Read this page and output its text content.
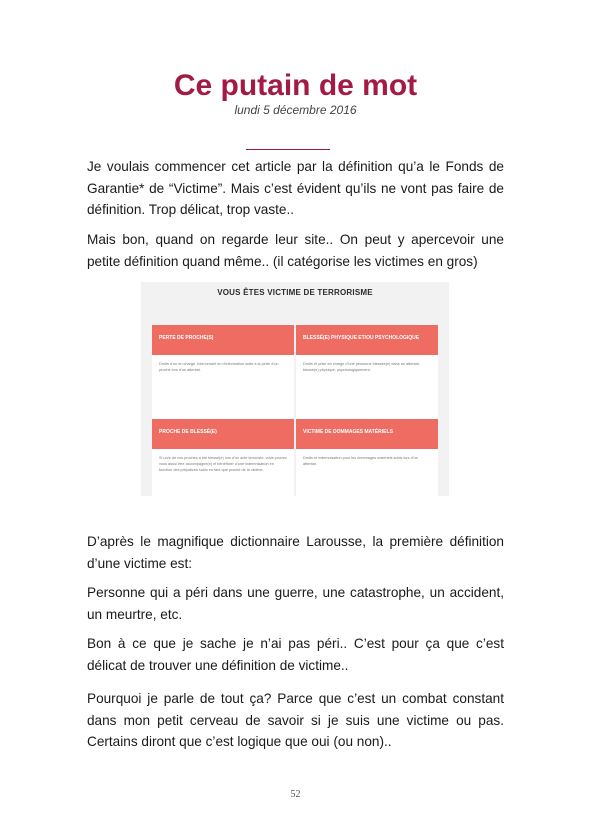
Ce putain de mot
lundi 5 décembre 2016

Je voulais commencer cet article par la définition qu’a le Fonds de Garantie* de “Victime”. Mais c’est évident qu’ils ne vont pas faire de définition. Trop délicat, trop vaste..

Mais bon, quand on regarde leur site.. On peut y apercevoir une petite définition quand même.. (il catégorise les victimes en gros)

VOUS ÊTES VICTIME DE TERRORISME
PERTE DE PROCHE(S)
Droits d’un en charge, Intervenant en d’information suite à la perte d’un proche lors d’un attentat.
BLESSÉ(E) PHYSIQUE ET/OU PSYCHOLOGIQUE
Droits et prise en charge d’une personne blessée(e) dans un attentat, blessé(e) physique, psychologiquement.
PROCHE DE BLESSÉ(E)
Si un/e de vos proches a été blessé(e) lors d’un acte terroriste, vous pouvez vous aussi être accompagné(e) et bénéficier d’une indemnisation en fonction des préjudices subis en tant que proche de la victime.
VICTIME DE DOMMAGES MATÉRIELS
Droits et indemnisation pour les dommages matériels subis lors d’un attentat.

D’après le magnifique dictionnaire Larousse, la première définition d’une victime est:

Personne qui a péri dans une guerre, une catastrophe, un accident, un meurtre, etc.

Bon à ce que je sache je n’ai pas péri.. C’est pour ça que c’est délicat de trouver une définition de victime..

Pourquoi je parle de tout ça? Parce que c’est un combat constant dans mon petit cerveau de savoir si je suis une victime ou pas. Certains diront que c’est logique que oui (ou non)..

52
